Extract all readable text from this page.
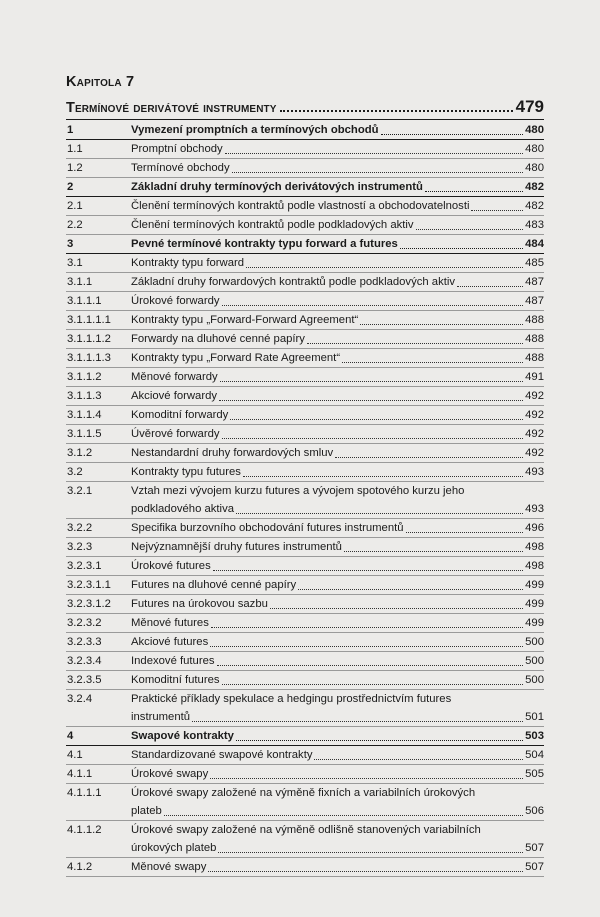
Kapitola 7
Termínové derivátové instrumenty	479
1	Vymezení promptních a termínových obchodů	480
1.1	Promptní obchody	480
1.2	Termínové obchody	480
2	Základní druhy termínových derivátových instrumentů	482
2.1	Členění termínových kontraktů podle vlastností a obchodovatelnosti	482
2.2	Členění termínových kontraktů podle podkladových aktiv	483
3	Pevné termínové kontrakty typu forward a futures	484
3.1	Kontrakty typu forward	485
3.1.1	Základní druhy forwardových kontraktů podle podkladových aktiv	487
3.1.1.1	Úrokové forwardy	487
3.1.1.1.1	Kontrakty typu „Forward-Forward Agreement“	488
3.1.1.1.2	Forwardy na dluhové cenné papíry	488
3.1.1.1.3	Kontrakty typu „Forward Rate Agreement“	488
3.1.1.2	Měnové forwardy	491
3.1.1.3	Akciové forwardy	492
3.1.1.4	Komoditní forwardy	492
3.1.1.5	Úvěrové forwardy	492
3.1.2	Nestandardní druhy forwardových smluv	492
3.2	Kontrakty typu futures	493
3.2.1	Vztah mezi vývojem kurzu futures a vývojem spotového kurzu jeho
podkladového aktiva	493
3.2.2	Specifika burzovního obchodování futures instrumentů	496
3.2.3	Nejvýznamnější druhy futures instrumentů	498
3.2.3.1	Úrokové futures	498
3.2.3.1.1	Futures na dluhové cenné papíry	499
3.2.3.1.2	Futures na úrokovou sazbu	499
3.2.3.2	Měnové futures	499
3.2.3.3	Akciové futures	500
3.2.3.4	Indexové futures	500
3.2.3.5	Komoditní futures	500
3.2.4	Praktické příklady spekulace a hedgingu prostřednictvím futures
instrumentů	501
4	Swapové kontrakty	503
4.1	Standardizované swapové kontrakty	504
4.1.1	Úrokové swapy	505
4.1.1.1	Úrokové swapy založené na výměně fixních a variabilních úrokových
plateb	506
4.1.1.2	Úrokové swapy založené na výměně odlišně stanovených variabilních
úrokových plateb	507
4.1.2	Měnové swapy	507
